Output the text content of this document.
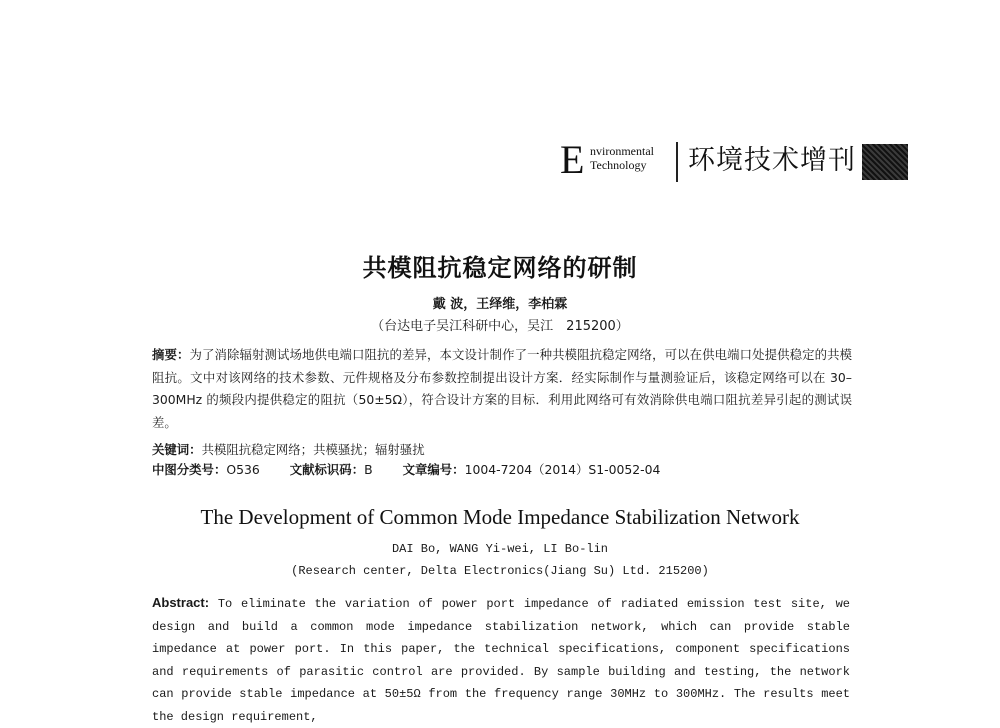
E nvironmental
Technology 环境技术增刊
共模阻抗稳定网络的研制
戴 波，王绎维，李柏霖
（台达电子吴江科研中心，吴江　215200）
摘要：为了消除辐射测试场地供电端口阻抗的差异，本文设计制作了一种共模阻抗稳定网络，可以在供电端口处提供稳定的共模阻抗。文中对该网络的技术参数、元件规格及分布参数控制提出设计方案．经实际制作与量测验证后，该稳定网络可以在 30–300MHz 的频段内提供稳定的阻抗（50±5Ω），符合设计方案的目标．利用此网络可有效消除供电端口阻抗差异引起的测试误差。
关键词：共模阻抗稳定网络；共模骚扰；辐射骚扰
中图分类号：O536 文献标识码：B 文章编号：1004-7204（2014）S1-0052-04
The Development of Common Mode Impedance Stabilization Network
DAI Bo, WANG Yi-wei, LI Bo-lin
(Research center, Delta Electronics(Jiang Su) Ltd. 215200)
Abstract: To eliminate the variation of power port impedance of radiated emission test site, we design and build a common mode impedance stabilization network, which can provide stable impedance at power port. In this paper, the technical specifications, component specifications and requirements of parasitic control are provided. By sample building and testing, the network can provide stable impedance at 50±5Ω from the frequency range 30MHz to 300MHz. The results meet the design requirement,
